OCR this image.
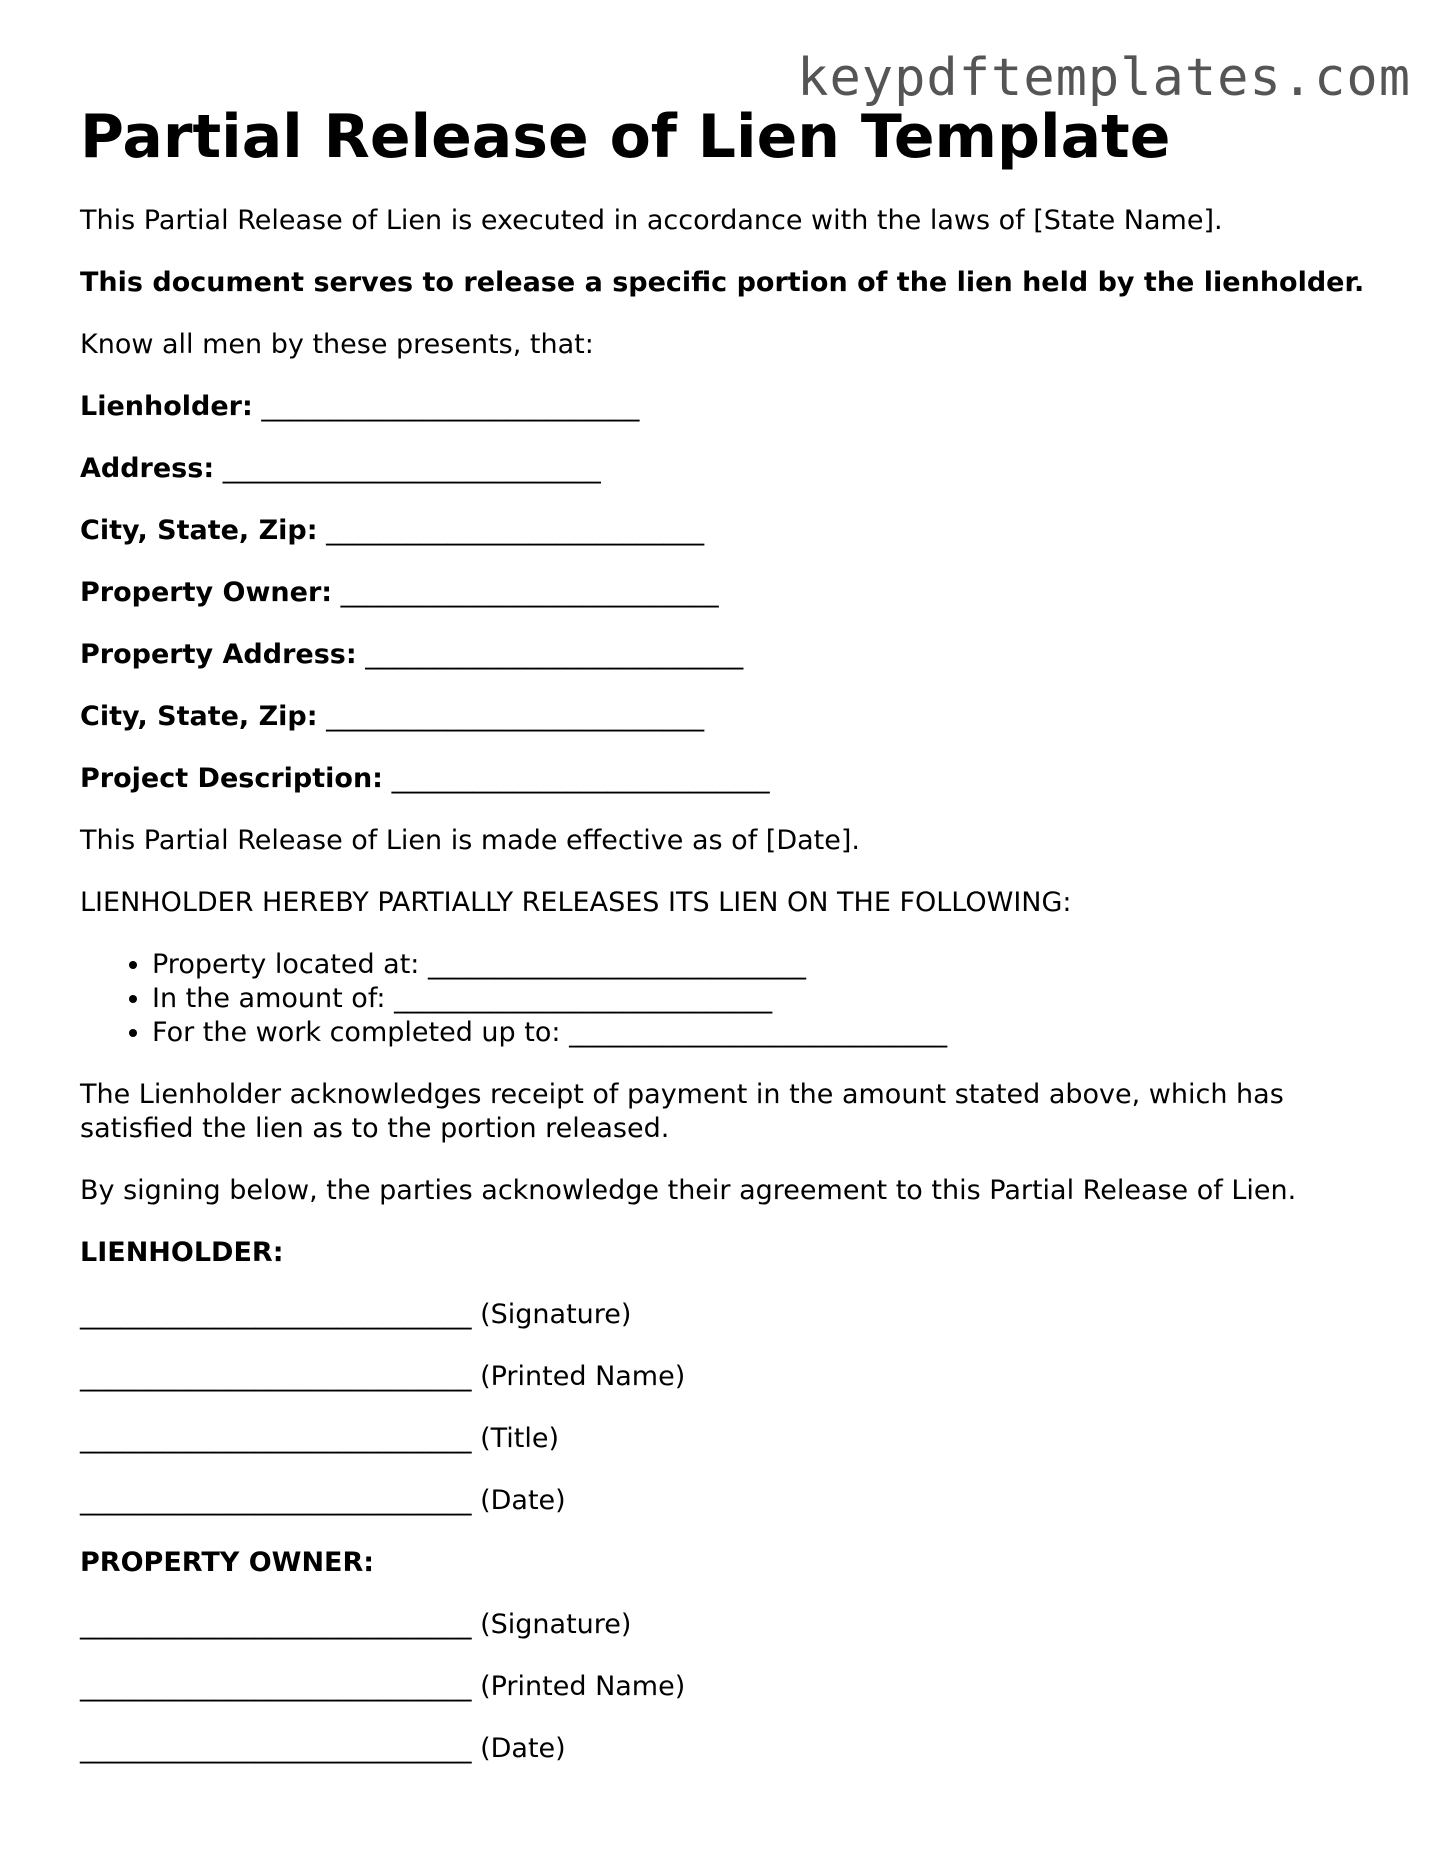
keypdftemplates.com
Partial Release of Lien Template

This Partial Release of Lien is executed in accordance with the laws of [State Name].

This document serves to release a specific portion of the lien held by the lienholder.

Know all men by these presents, that:

Lienholder: ____________________________

Address: ____________________________

City, State, Zip: ____________________________

Property Owner: ____________________________

Property Address: ____________________________

City, State, Zip: ____________________________

Project Description: ____________________________

This Partial Release of Lien is made effective as of [Date].

LIENHOLDER HEREBY PARTIALLY RELEASES ITS LIEN ON THE FOLLOWING:

• Property located at: ____________________________
• In the amount of: ____________________________
• For the work completed up to: ____________________________

The Lienholder acknowledges receipt of payment in the amount stated above, which has satisfied the lien as to the portion released.

By signing below, the parties acknowledge their agreement to this Partial Release of Lien.

LIENHOLDER:

_____________________________ (Signature)

_____________________________ (Printed Name)

_____________________________ (Title)

_____________________________ (Date)

PROPERTY OWNER:

_____________________________ (Signature)

_____________________________ (Printed Name)

_____________________________ (Date)
